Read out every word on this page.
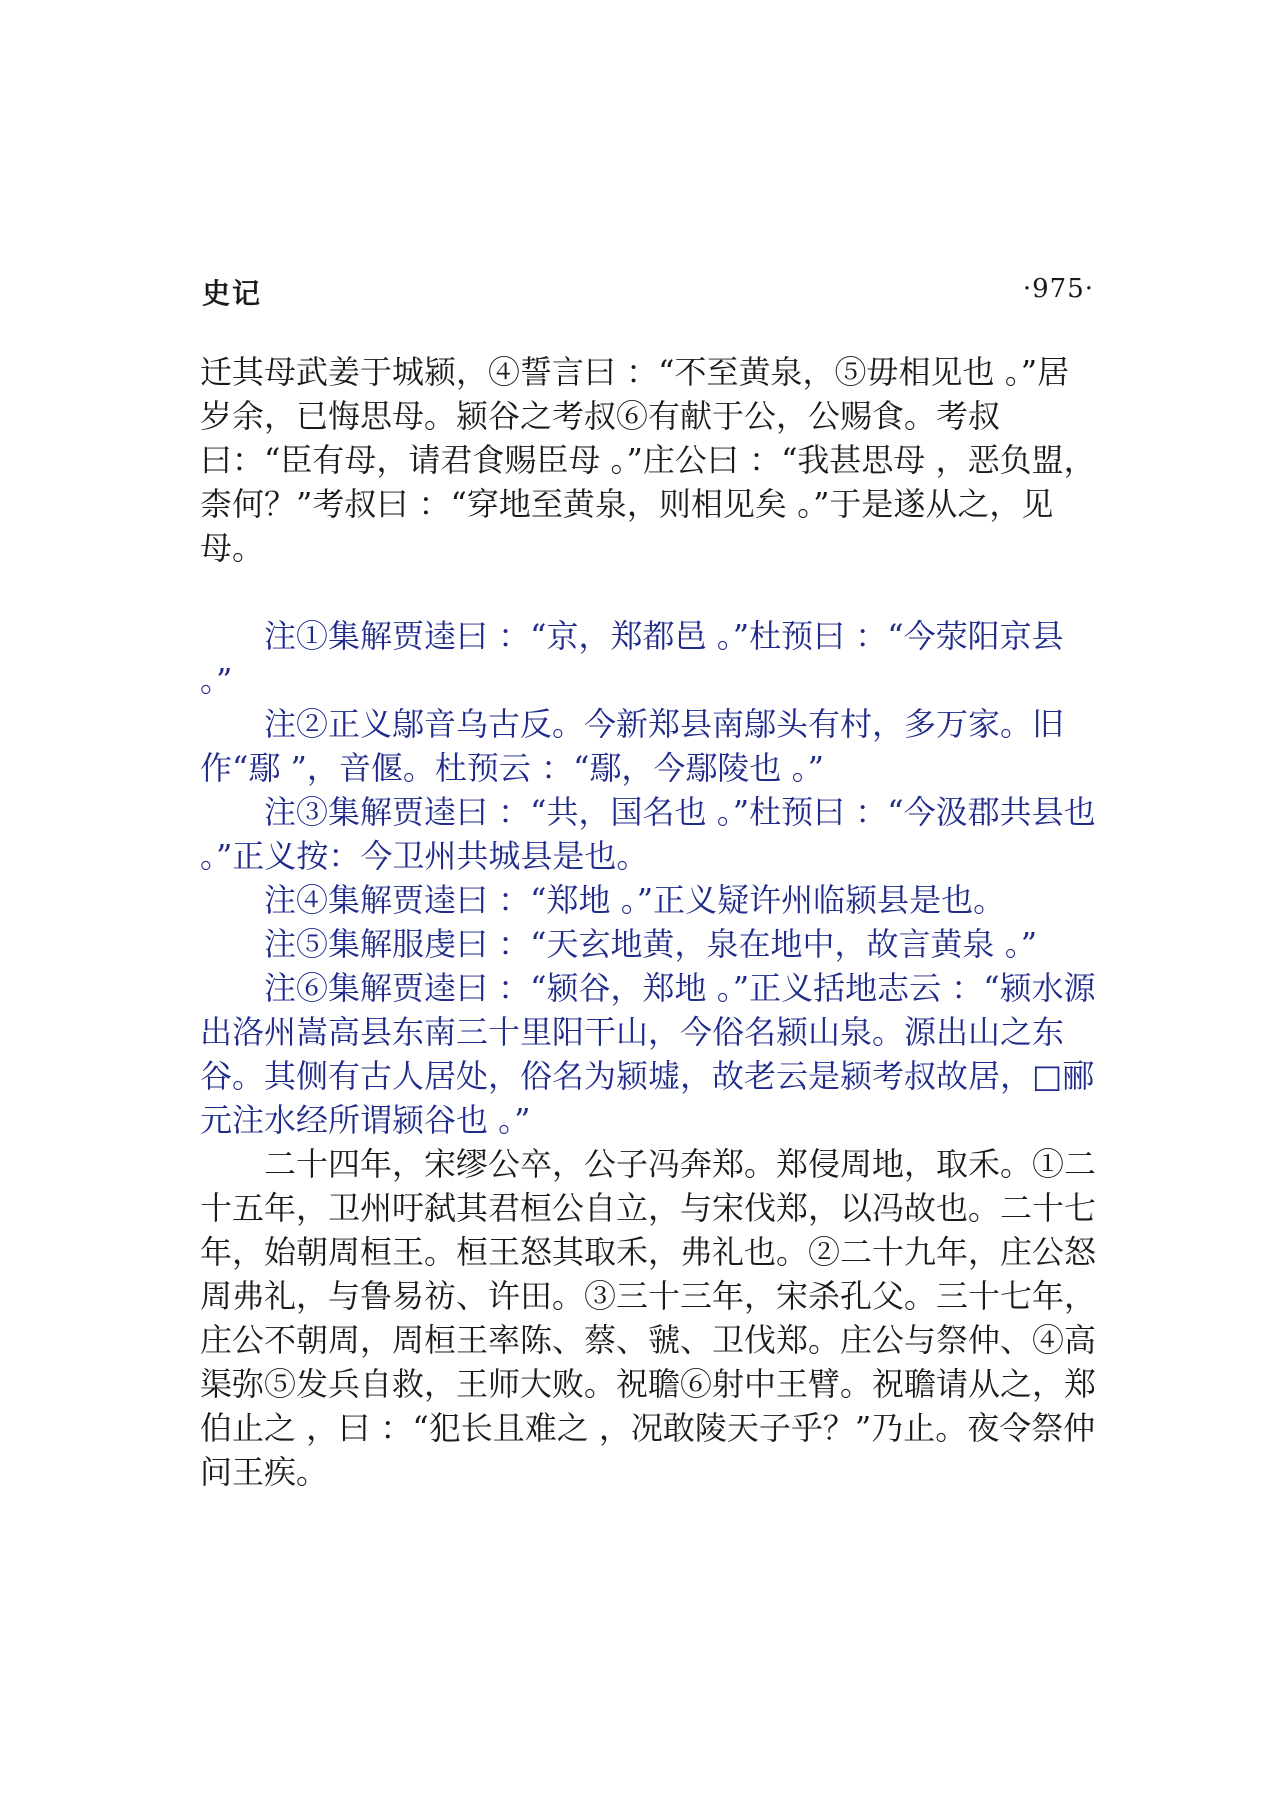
史记	·975·

迁其母武姜于城颍，④誓言曰 ：“不至黄泉，⑤毋相见也 。”居岁余，已悔思母。颍谷之考叔⑥有献于公，公赐食。考叔曰：“臣有母，请君食赐臣母 。”庄公曰 ：“我甚思母 ，恶负盟，柰何？”考叔曰 ：“穿地至黄泉，则相见矣 。”于是遂从之，见母。

注①集解贾逵曰 ：“京，郑都邑 。”杜预曰 ：“今荥阳京县 。”

注②正义鄔音乌古反。今新郑县南鄔头有村，多万家。旧作“鄢 ”，音偃。杜预云 ：“鄢，今鄢陵也 。”

注③集解贾逵曰 ：“共，国名也 。”杜预曰 ：“今汲郡共县也 。”正义按：今卫州共城县是也。

注④集解贾逵曰 ：“郑地 。”正义疑许州临颍县是也。

注⑤集解服虔曰 ：“天玄地黄，泉在地中，故言黄泉 。”

注⑥集解贾逵曰 ：“颍谷，郑地 。”正义括地志云 ：“颍水源出洛州嵩高县东南三十里阳干山，今俗名颍山泉。源出山之东谷。其侧有古人居处，俗名为颍墟，故老云是颍考叔故居，□郦元注水经所谓颍谷也 。”

二十四年，宋缪公卒，公子冯奔郑。郑侵周地，取禾。①二十五年，卫州吁弑其君桓公自立，与宋伐郑，以冯故也。二十七年，始朝周桓王。桓王怒其取禾，弗礼也。②二十九年，庄公怒周弗礼，与鲁易祊、许田。③三十三年，宋杀孔父。三十七年，庄公不朝周，周桓王率陈、蔡、虢、卫伐郑。庄公与祭仲、④高渠弥⑤发兵自救，王师大败。祝聸⑥射中王臂。祝聸请从之，郑伯止之 ，曰 ：“犯长且难之 ，况敢陵天子乎？”乃止。夜令祭仲问王疾。
